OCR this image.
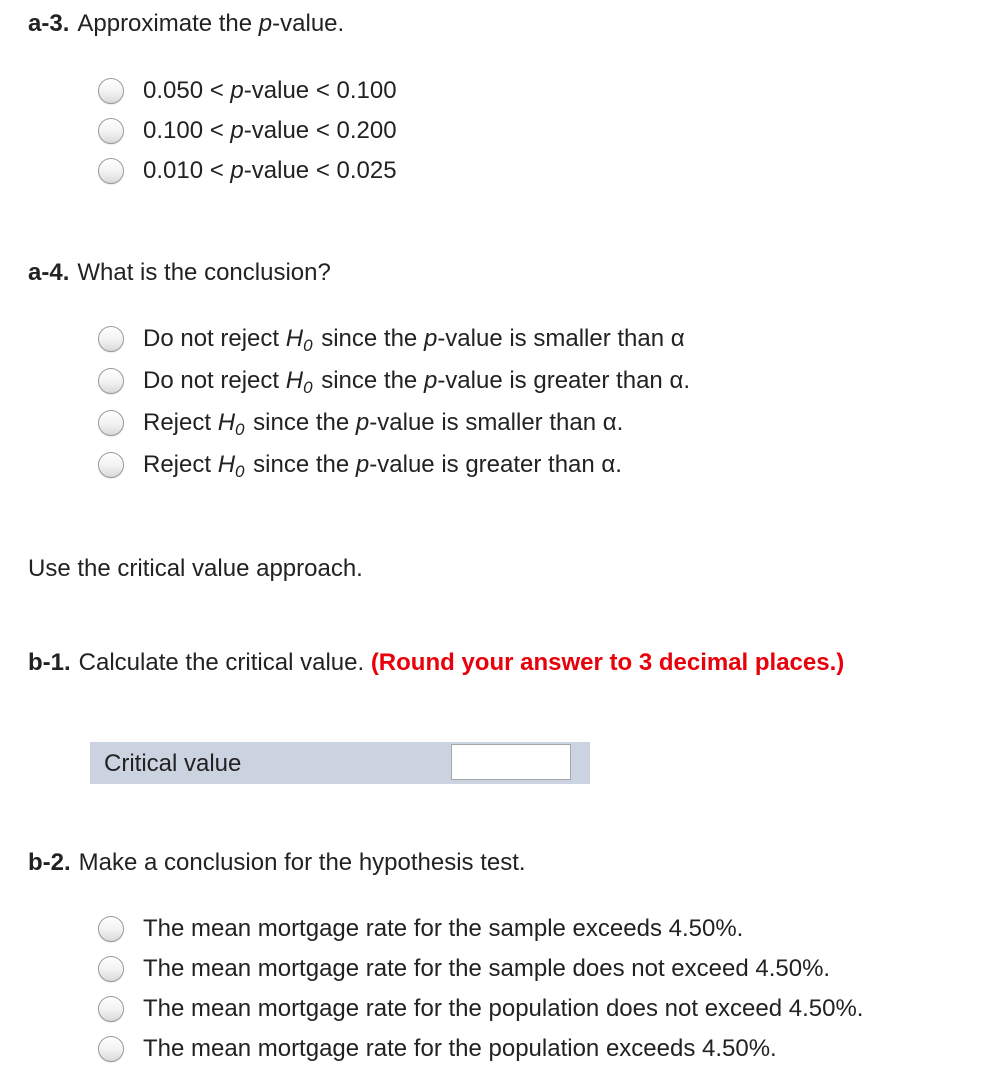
a-3. Approximate the p-value.
0.050 < p-value < 0.100
0.100 < p-value < 0.200
0.010 < p-value < 0.025
a-4. What is the conclusion?
Do not reject $H_0$ since the p-value is smaller than α
Do not reject $H_0$ since the p-value is greater than α.
Reject $H_0$ since the p-value is smaller than α.
Reject $H_0$ since the p-value is greater than α.
Use the critical value approach.
b-1. Calculate the critical value. (Round your answer to 3 decimal places.)
Critical value
b-2. Make a conclusion for the hypothesis test.
The mean mortgage rate for the sample exceeds 4.50%.
The mean mortgage rate for the sample does not exceed 4.50%.
The mean mortgage rate for the population does not exceed 4.50%.
The mean mortgage rate for the population exceeds 4.50%.
